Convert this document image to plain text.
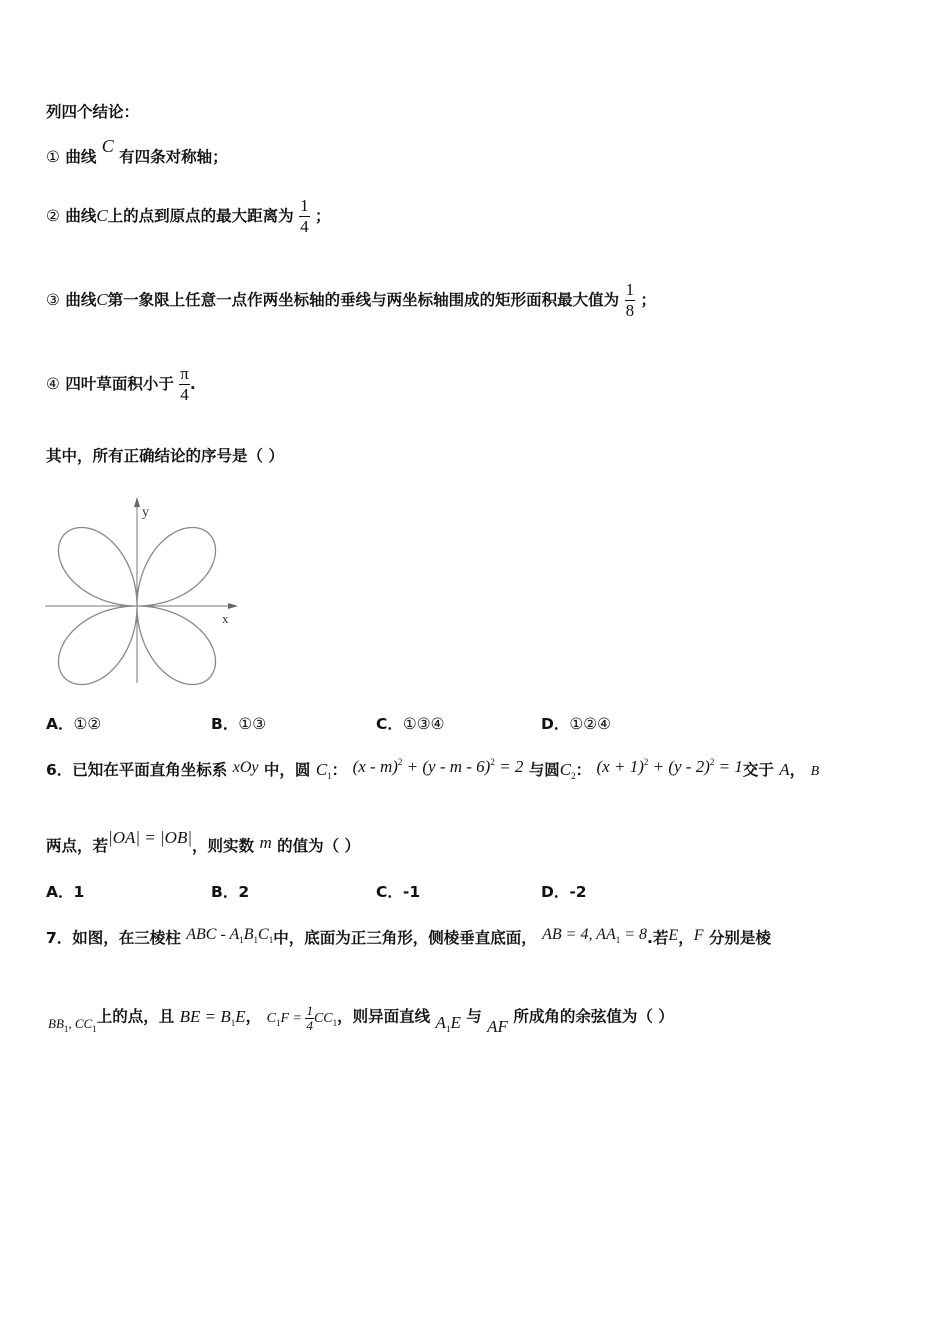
列四个结论：
① 曲线 C 有四条对称轴；
② 曲线C上的点到原点的最大距离为 $\frac{1}{4}$ ；
③ 曲线C第一象限上任意一点作两坐标轴的垂线与两坐标轴围成的矩形面积最大值为 $\frac{1}{8}$ ；
④ 四叶草面积小于 $\frac{\pi}{4}$ .
其中，所有正确结论的序号是（ ）
y
x
A．①②	B．①③	C．①③④	D．①②④
6．已知在平面直角坐标系 xOy 中，圆 $C_1$： (x - m)$^2$ + (y - m - 6)$^2$ = 2 与圆$C_2$： $(x + 1)^2 + (y - 2)^2 = 1$交于 A， B
两点，若|OA| = |OB|，则实数 m 的值为（ ）
A．1	B．2	C．-1	D．-2
7．如图，在三棱柱 ABC - $A_1B_1C_1$中，底面为正三角形，侧棱垂直底面， AB = 4, $AA_1 = 8$.若E，F 分别是棱
$_{BB_1, CC_1}$上的点，且 BE = $B_1E$， $C_1F = \frac{1}{4} CC_1$，则异面直线 $A_1E$ 与 AF 所成角的余弦值为（ ）
